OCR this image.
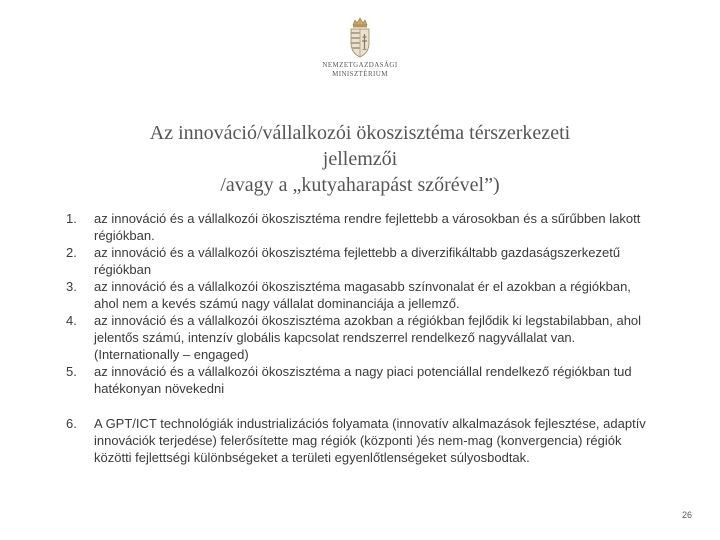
NEMZETGAZDASÁGI
MINISZTÉRIUM
Az innováció/vállalkozói ökoszisztéma térszerkezeti
jellemzői
/avagy a „kutyaharapást szőrével”)
1.	az innováció és a vállalkozói ökoszisztéma rendre fejlettebb a városokban és a sűrűbben lakott régiókban.
2.	az innováció és a vállalkozói ökoszisztéma fejlettebb a diverzifikáltabb gazdaságszerkezetű régiókban
3.	az innováció és a vállalkozói ökoszisztéma magasabb színvonalat ér el azokban a régiókban, ahol nem a kevés számú nagy vállalat dominanciája a jellemző.
4.	az innováció és a vállalkozói ökoszisztéma azokban a régiókban fejlődik ki legstabilabban, ahol jelentős számú, intenzív globális kapcsolat rendszerrel rendelkező nagyvállalat van. (Internationally – engaged)
5.	az innováció és a vállalkozói ökoszisztéma a nagy piaci potenciállal rendelkező régiókban tud hatékonyan növekedni
6.	A GPT/ICT technológiák industrializációs folyamata (innovatív alkalmazások fejlesztése, adaptív innovációk terjedése) felerősítette mag régiók (központi )és nem-mag (konvergencia) régiók közötti fejlettségi különbségeket a területi egyenlőtlenségeket súlyosbodtak.
26
